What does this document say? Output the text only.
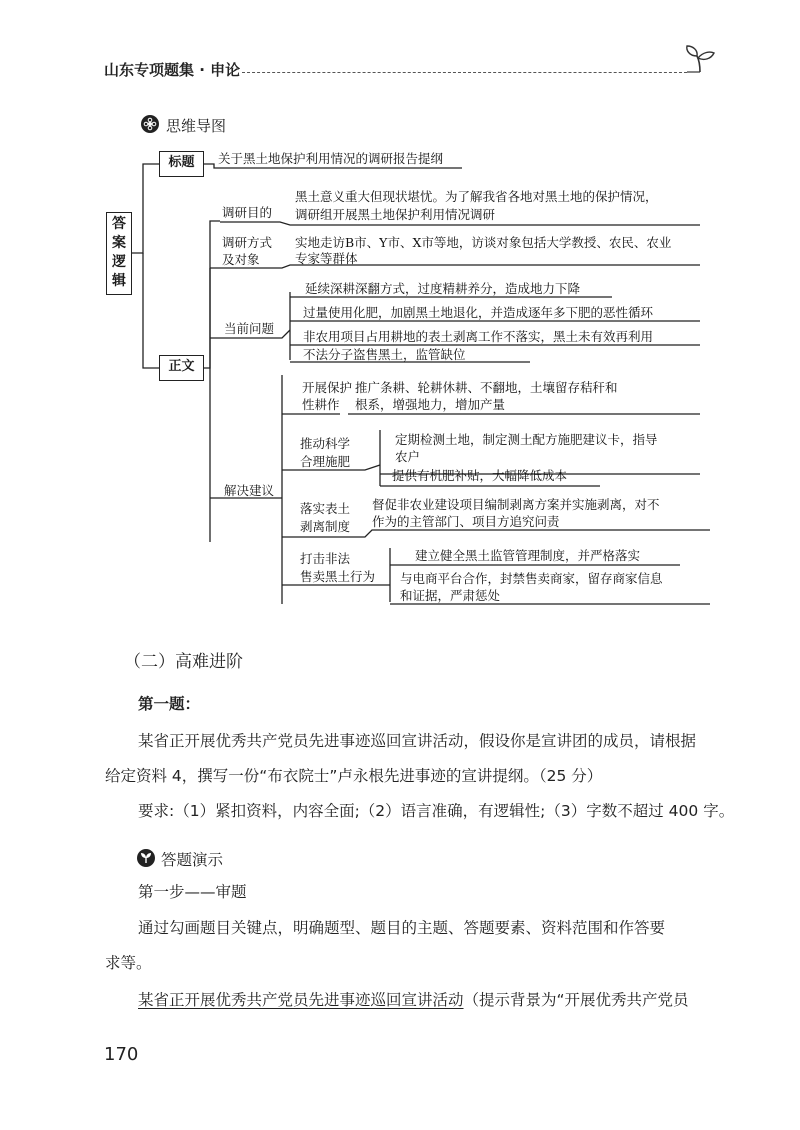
山东专项题集 · 申论
思维导图
答案逻辑
标题	关于黑土地保护利用情况的调研报告提纲
正文
调研目的
黑土意义重大但现状堪忧。为了解我省各地对黑土地的保护情况，
调研组开展黑土地保护利用情况调研
调研方式
及对象
实地走访B市、Y市、X市等地，访谈对象包括大学教授、农民、农业
专家等群体
当前问题
延续深耕深翻方式，过度精耕养分，造成地力下降
过量使用化肥，加剧黑土地退化，并造成逐年多下肥的恶性循环
非农用项目占用耕地的表土剥离工作不落实，黑土未有效再利用
不法分子盗售黑土，监管缺位
解决建议
开展保护
性耕作
推广条耕、轮耕休耕、不翻地，土壤留存秸秆和
根系，增强地力，增加产量
推动科学
合理施肥
定期检测土地，制定测土配方施肥建议卡，指导
农户
提供有机肥补贴，大幅降低成本
落实表土
剥离制度
督促非农业建设项目编制剥离方案并实施剥离，对不
作为的主管部门、项目方追究问责
打击非法
售卖黑土行为
建立健全黑土监管管理制度，并严格落实
与电商平台合作，封禁售卖商家，留存商家信息
和证据，严肃惩处
（二）高难进阶
第一题：
某省正开展优秀共产党员先进事迹巡回宣讲活动，假设你是宣讲团的成员，请根据
给定资料 4，撰写一份“布衣院士”卢永根先进事迹的宣讲提纲。（25 分）
要求:（1）紧扣资料，内容全面;（2）语言准确，有逻辑性;（3）字数不超过 400 字。
答题演示
第一步——审题
通过勾画题目关键点，明确题型、题目的主题、答题要素、资料范围和作答要
求等。
某省正开展优秀共产党员先进事迹巡回宣讲活动（提示背景为“开展优秀共产党员
170
